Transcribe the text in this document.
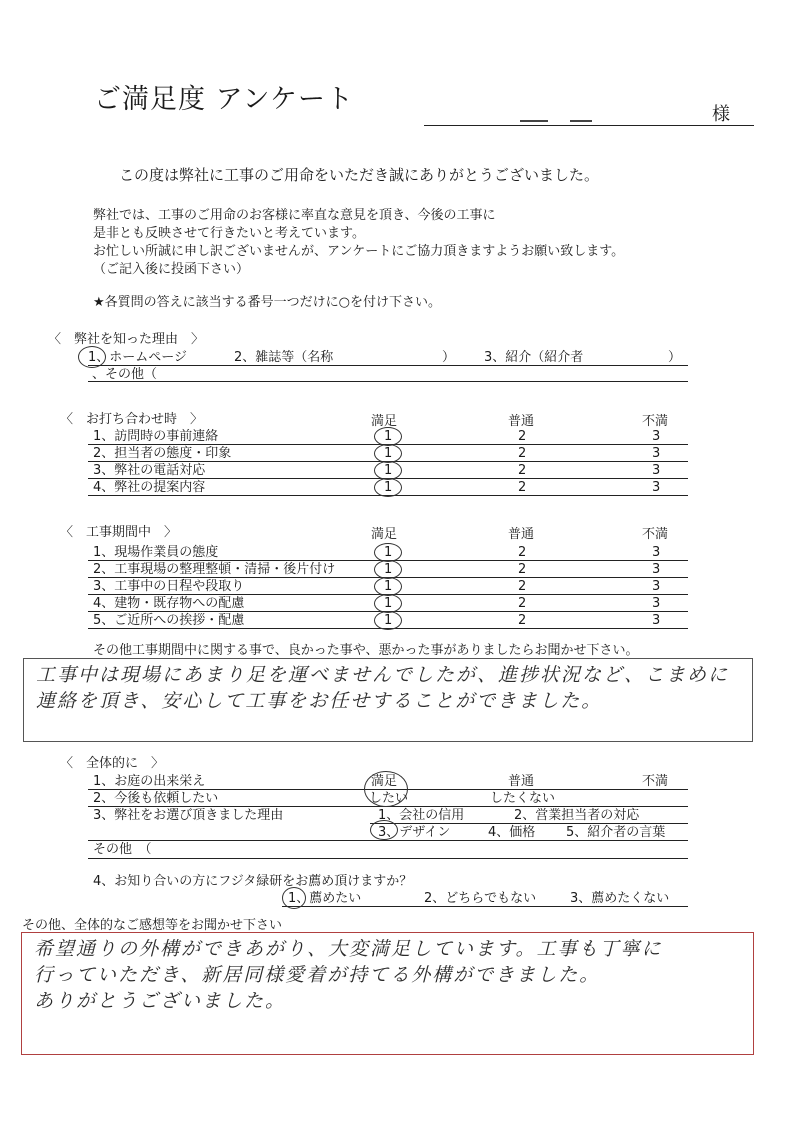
ご満足度 アンケート	様
この度は弊社に工事のご用命をいただき誠にありがとうございました。
弊社では、工事のご用命のお客様に率直な意見を頂き、今後の工事に
是非とも反映させて行きたいと考えています。
お忙しい所誠に申し訳ございませんが、アンケートにご協力頂きますようお願い致します。
（ご記入後に投函下さい）
★各質問の答えに該当する番号一つだけに○を付け下さい。
〈　弊社を知った理由　〉
1、ホームページ	2、雑誌等（名称	） 3、紹介（紹介者	）
、その他（
〈　お打ち合わせ時　〉	満足	普通	不満
1、訪問時の事前連絡	1	2	3
2、担当者の態度・印象	1	2	3
3、弊社の電話対応	1	2	3
4、弊社の提案内容	1	2	3
〈　工事期間中　〉	満足	普通	不満
1、現場作業員の態度	1	2	3
2、工事現場の整理整頓・清掃・後片付け	1	2	3
3、工事中の日程や段取り	1	2	3
4、建物・既存物への配慮	1	2	3
5、ご近所への挨拶・配慮	1	2	3
その他工事期間中に関する事で、良かった事や、悪かった事がありましたらお聞かせ下さい。
工事中は現場にあまり足を運べませんでしたが、進捗状況など、こまめに
連絡を頂き、安心して工事をお任せすることができました。
〈　全体的に　〉
1、お庭の出来栄え	満足	普通	不満
2、今後も依頼したい	したい	したくない
3、弊社をお選び頂きました理由	1、会社の信用	2、営業担当者の対応
3、デザイン	4、価格 5、紹介者の言葉
その他　（
4、お知り合いの方にフジタ緑研をお薦め頂けますか？
1、薦めたい	2、どちらでもない	3、薦めたくない
その他、全体的なご感想等をお聞かせ下さい
希望通りの外構ができあがり、大変満足しています。工事も丁寧に
行っていただき、新居同様愛着が持てる外構ができました。
ありがとうございました。
